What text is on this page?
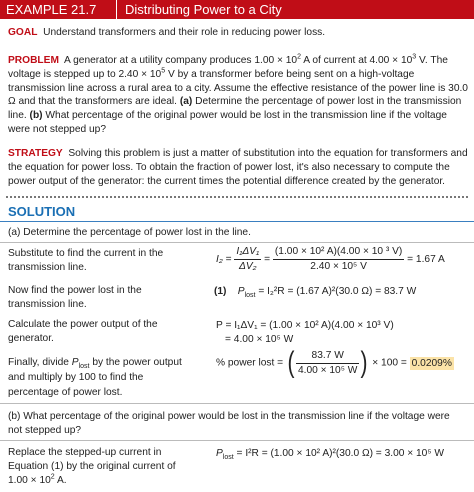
EXAMPLE 21.7 Distributing Power to a City
GOAL Understand transformers and their role in reducing power loss.
PROBLEM A generator at a utility company produces $1.00 \times 10^2$ A of current at $4.00 \times 10^3$ V. The voltage is stepped up to $2.40 \times 10^5$ V by a transformer before being sent on a high-voltage transmission line across a rural area to a city. Assume the effective resistance of the power line is 30.0 Ω and that the transformers are ideal. (a) Determine the percentage of power lost in the transmission line. (b) What percentage of the original power would be lost in the transmission line if the voltage were not stepped up?
STRATEGY Solving this problem is just a matter of substitution into the equation for transformers and the equation for power loss. To obtain the fraction of power lost, it's also necessary to compute the power output of the generator: the current times the potential difference created by the generator.
SOLUTION
(a) Determine the percentage of power lost in the line.
Substitute to find the current in the transmission line.
$I_2 = \frac{\text{I₁ΔV₁}}{\text{ΔV₂}} = \frac{\text{(1.00 × 10² A)(4.00 × 10 ³ V)}}{\text{2.40 × 10⁵ V}} = 1.67$ A
Now find the power lost in the transmission line.
(1) $P_{lost} = I_2^2R = (1.67$ A)²(30.0 Ω) = 83.7 W
Calculate the power output of the generator.
P = I₁ΔV₁ = (1.00 × 10² A)(4.00 × 10³ V)
= 4.00 × 10⁵ W
Finally, divide $P_{lost}$ by the power output and multiply by 100 to find the percentage of power lost.
% power lost = ( $\frac{83.7 W}{\text{4.00 × 10⁵ W}}$ ) × 100 = 0.0209%
(b) What percentage of the original power would be lost in the transmission line if the voltage were not stepped up?
Replace the stepped-up current in Equation (1) by the original current of $1.00 \times 10^2$ A.
$P_{lost} = I^2R = (1.00 \times 10^2$ A)²(30.0 Ω) = 3.00 × 10⁵ W
